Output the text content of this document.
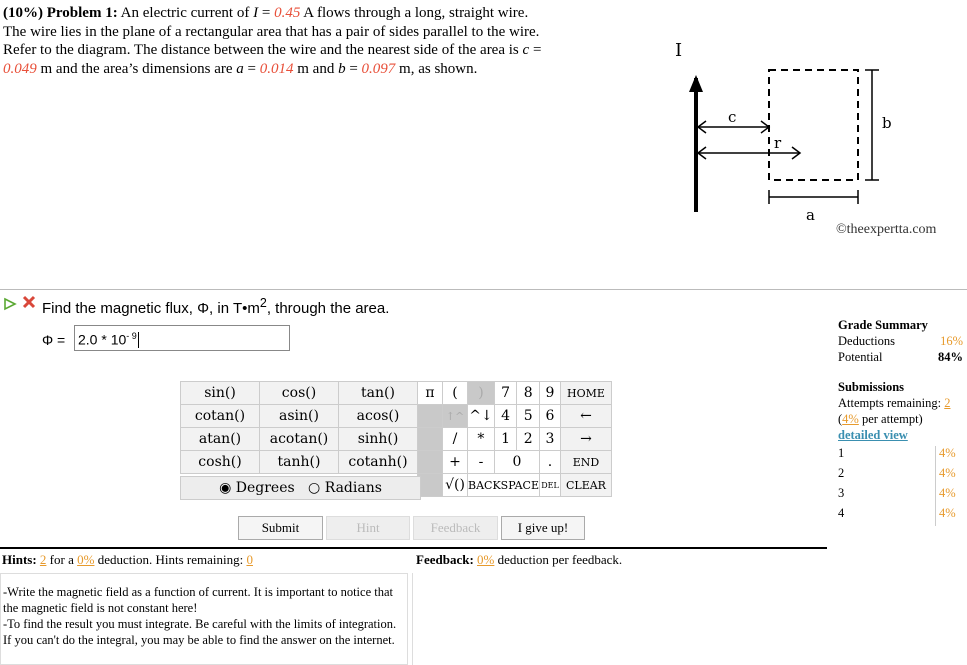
(10%) Problem 1: An electric current of I = 0.45 A flows through a long, straight wire.
The wire lies in the plane of a rectangular area that has a pair of sides parallel to the wire.
Refer to the diagram. The distance between the wire and the nearest side of the area is c =
0.049 m and the area’s dimensions are a = 0.014 m and b = 0.097 m, as shown.
I
c
r
a
b
©theexpertta.com
Find the magnetic flux, Φ, in $T•m^2$, through the area.
$\Phi = 2.0 * 10^{- 9}$
sin()	cos()	tan()	π	(	)	7	8	9	HOME
cotan()	asin()	acos()		↑^	^↓	4	5	6	←
atan()	acotan()	sinh()		/	*	1	2	3	→
cosh()	tanh()	cotanh()		+	-	0		.	END
				√()	BACKSPACE			DEL	CLEAR
◉ Degrees ○ Radians
Submit	Hint	Feedback	I give up!
Hints: 2 for a 0% deduction. Hints remaining: 0	Feedback: 0% deduction per feedback.
-Write the magnetic field as a function of current. It is important to notice that the magnetic field is not constant here!
-To find the result you must integrate. Be careful with the limits of integration. If you can't do the integral, you may be able to find the answer on the internet.
Grade Summary
Deductions	16%
Potential	84%
Submissions
Attempts remaining: 2
(4% per attempt)
detailed view
1	4%
2	4%
3	4%
4	4%
